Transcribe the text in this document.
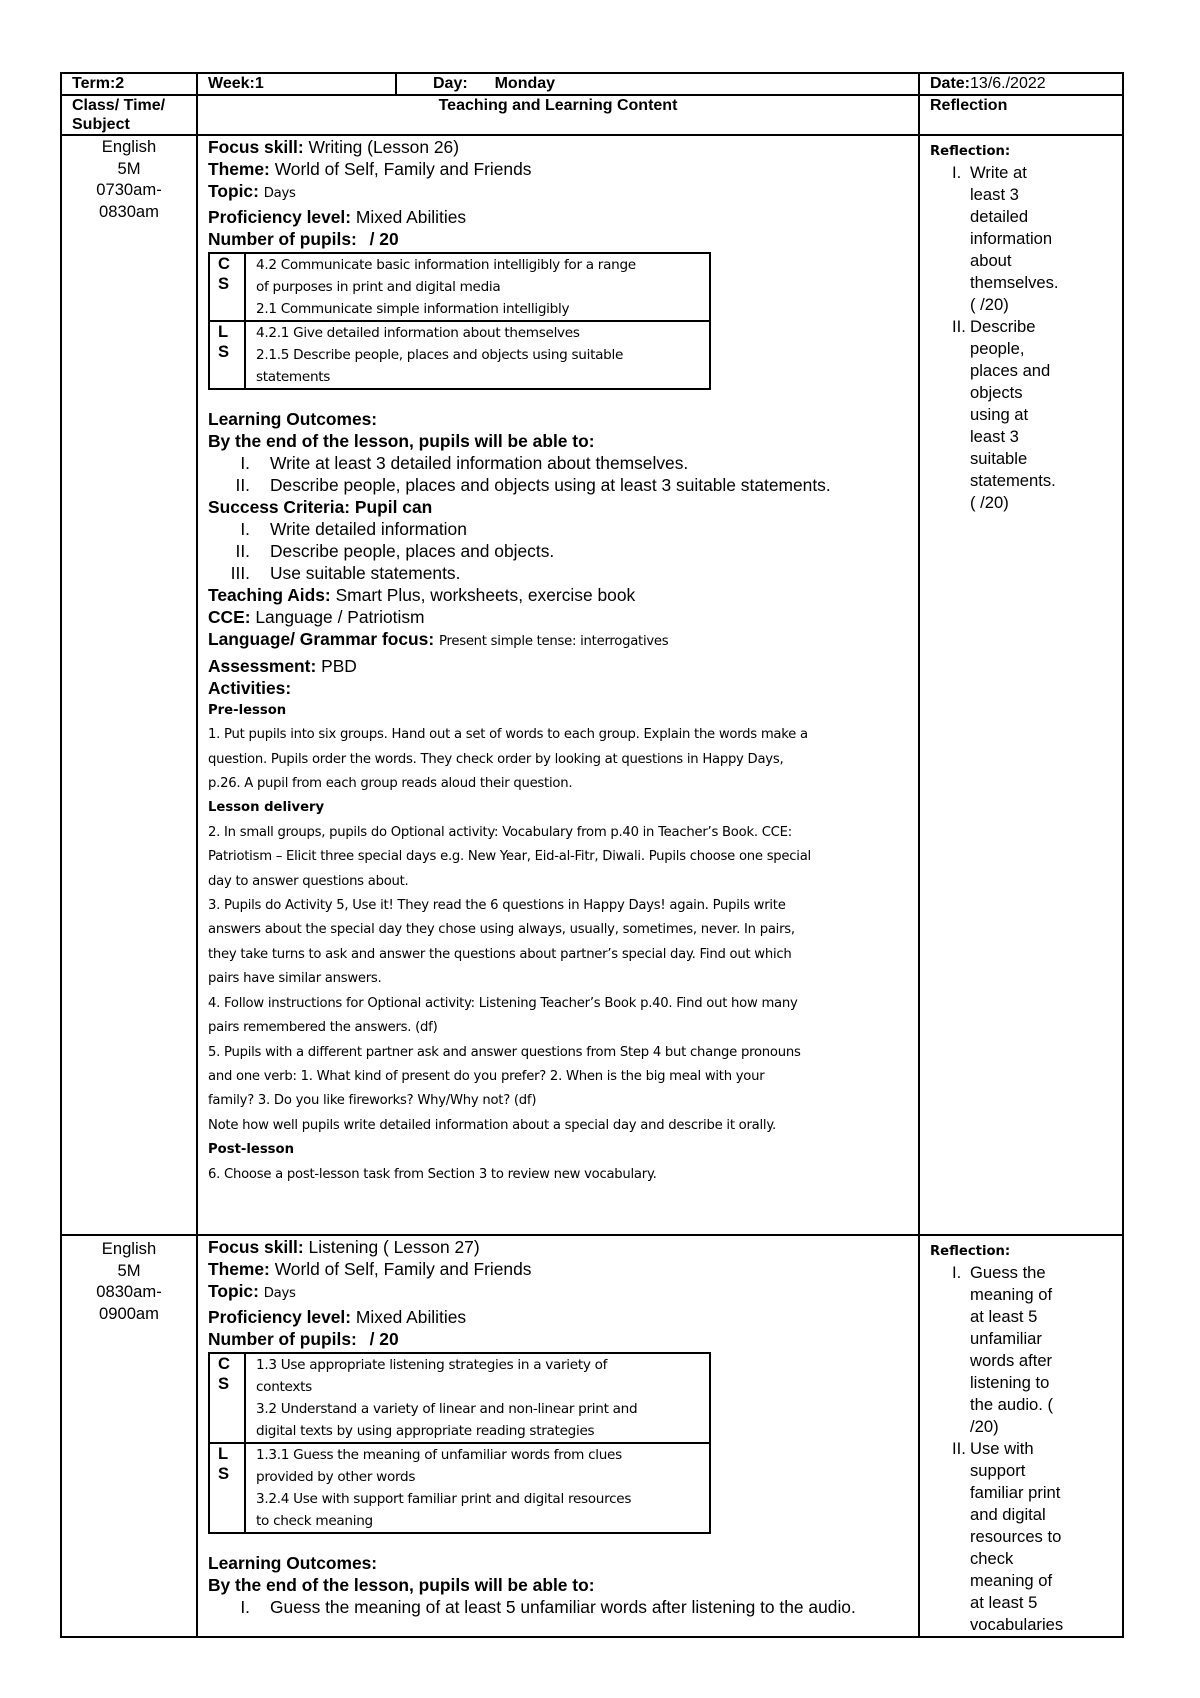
Term:2	Week:1	Day: Monday	Date:13/6./2022
Class/ Time/ Subject	Teaching and Learning Content	Reflection

English
5M
0730am-
0830am

Focus skill: Writing (Lesson 26)
Theme: World of Self, Family and Friends
Topic: Days
Proficiency level: Mixed Abilities
Number of pupils: / 20
C
S

4.2 Communicate basic information intelligibly for a range
of purposes in print and digital media
2.1 Communicate simple information intelligibly

L
S

4.2.1 Give detailed information about themselves
2.1.5 Describe people, places and objects using suitable
statements
Learning Outcomes:
By the end of the lesson, pupils will be able to:
I.	Write at least 3 detailed information about themselves.
II.	Describe people, places and objects using at least 3 suitable statements.
Success Criteria: Pupil can
I.	Write detailed information
II.	Describe people, places and objects.
III.	Use suitable statements.
Teaching Aids: Smart Plus, worksheets, exercise book
CCE: Language / Patriotism
Language/ Grammar focus: Present simple tense: interrogatives
Assessment: PBD
Activities:
Pre-lesson
1. Put pupils into six groups. Hand out a set of words to each group. Explain the words make a
question. Pupils order the words. They check order by looking at questions in Happy Days,
p.26. A pupil from each group reads aloud their question.
Lesson delivery
2. In small groups, pupils do Optional activity: Vocabulary from p.40 in Teacher’s Book. CCE:
Patriotism – Elicit three special days e.g. New Year, Eid-al-Fitr, Diwali. Pupils choose one special
day to answer questions about.
3. Pupils do Activity 5, Use it! They read the 6 questions in Happy Days! again. Pupils write
answers about the special day they chose using always, usually, sometimes, never. In pairs,
they take turns to ask and answer the questions about partner’s special day. Find out which
pairs have similar answers.
4. Follow instructions for Optional activity: Listening Teacher’s Book p.40. Find out how many
pairs remembered the answers. (df)
5. Pupils with a different partner ask and answer questions from Step 4 but change pronouns
and one verb: 1. What kind of present do you prefer? 2. When is the big meal with your
family? 3. Do you like fireworks? Why/Why not? (df)
Note how well pupils write detailed information about a special day and describe it orally.
Post-lesson
6. Choose a post-lesson task from Section 3 to review new vocabulary.

Reflection:
I. Write at
least 3
detailed
information
about
themselves.
( /20)
II. Describe
people,
places and
objects
using at
least 3
suitable
statements.
( /20)

English
5M
0830am-
0900am

Focus skill: Listening ( Lesson 27)
Theme: World of Self, Family and Friends
Topic: Days
Proficiency level: Mixed Abilities
Number of pupils: / 20
C
S

1.3 Use appropriate listening strategies in a variety of
contexts
3.2 Understand a variety of linear and non-linear print and
digital texts by using appropriate reading strategies

L
S

1.3.1 Guess the meaning of unfamiliar words from clues
provided by other words
3.2.4 Use with support familiar print and digital resources
to check meaning
Learning Outcomes:
By the end of the lesson, pupils will be able to:
I.	Guess the meaning of at least 5 unfamiliar words after listening to the audio.

Reflection:
I. Guess the
meaning of
at least 5
unfamiliar
words after
listening to
the audio. (
/20)
II. Use with
support
familiar print
and digital
resources to
check
meaning of
at least 5
vocabularies
